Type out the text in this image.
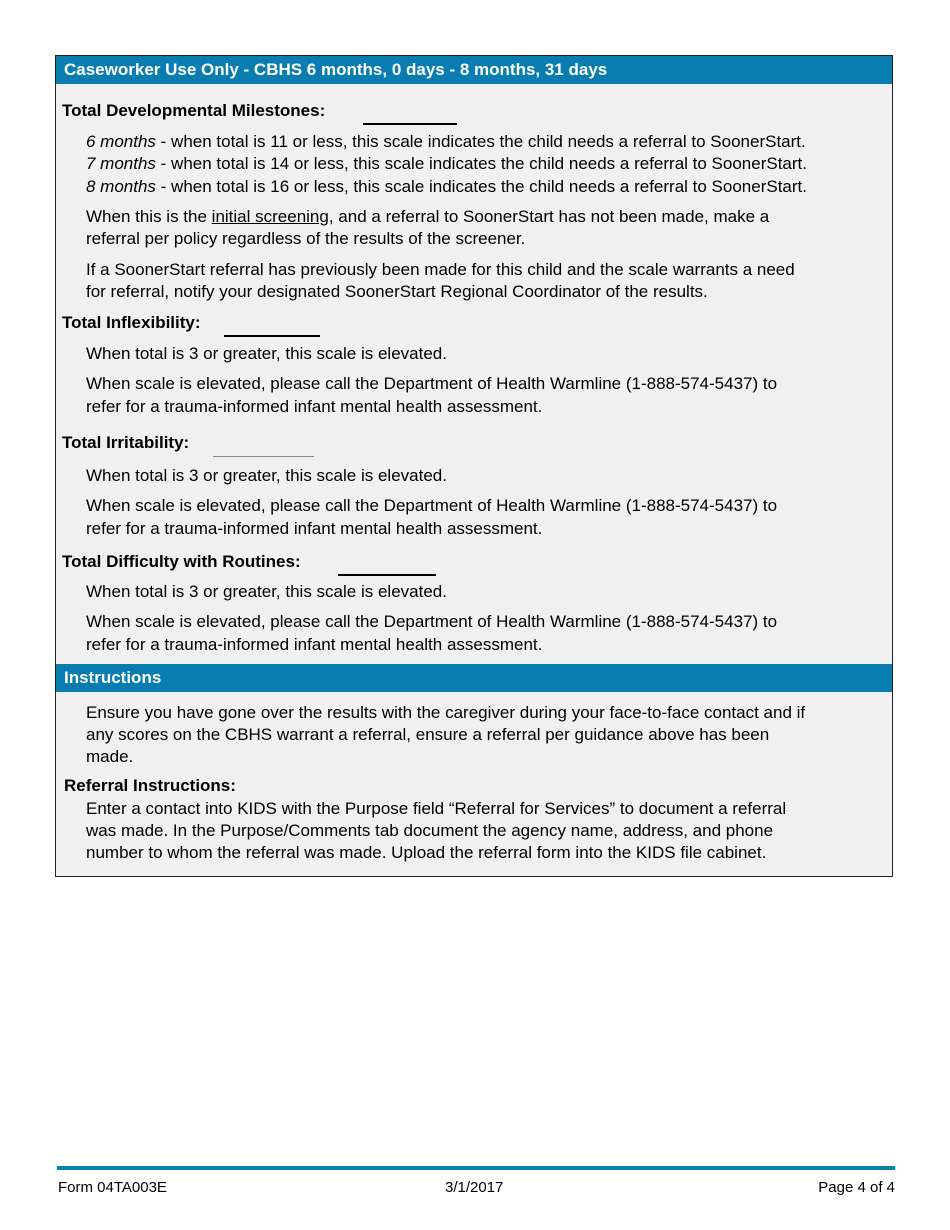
Caseworker Use Only - CBHS 6 months, 0 days - 8 months, 31 days
Total Developmental Milestones:
6 months - when total is 11 or less, this scale indicates the child needs a referral to SoonerStart.
7 months - when total is 14 or less, this scale indicates the child needs a referral to SoonerStart.
8 months - when total is 16 or less, this scale indicates the child needs a referral to SoonerStart.
When this is the initial screening, and a referral to SoonerStart has not been made, make a
referral per policy regardless of the results of the screener.
If a SoonerStart referral has previously been made for this child and the scale warrants a need
for referral, notify your designated SoonerStart Regional Coordinator of the results.
Total Inflexibility:
When total is 3 or greater, this scale is elevated.
When scale is elevated, please call the Department of Health Warmline (1-888-574-5437) to
refer for a trauma-informed infant mental health assessment.
Total Irritability:
When total is 3 or greater, this scale is elevated.
When scale is elevated, please call the Department of Health Warmline (1-888-574-5437) to
refer for a trauma-informed infant mental health assessment.
Total Difficulty with Routines:
When total is 3 or greater, this scale is elevated.
When scale is elevated, please call the Department of Health Warmline (1-888-574-5437) to
refer for a trauma-informed infant mental health assessment.
Instructions
Ensure you have gone over the results with the caregiver during your face-to-face contact and if
any scores on the CBHS warrant a referral, ensure a referral per guidance above has been
made.
Referral Instructions:
Enter a contact into KIDS with the Purpose field “Referral for Services” to document a referral
was made. In the Purpose/Comments tab document the agency name, address, and phone
number to whom the referral was made. Upload the referral form into the KIDS file cabinet.
Form 04TA003E	3/1/2017	Page 4 of 4
